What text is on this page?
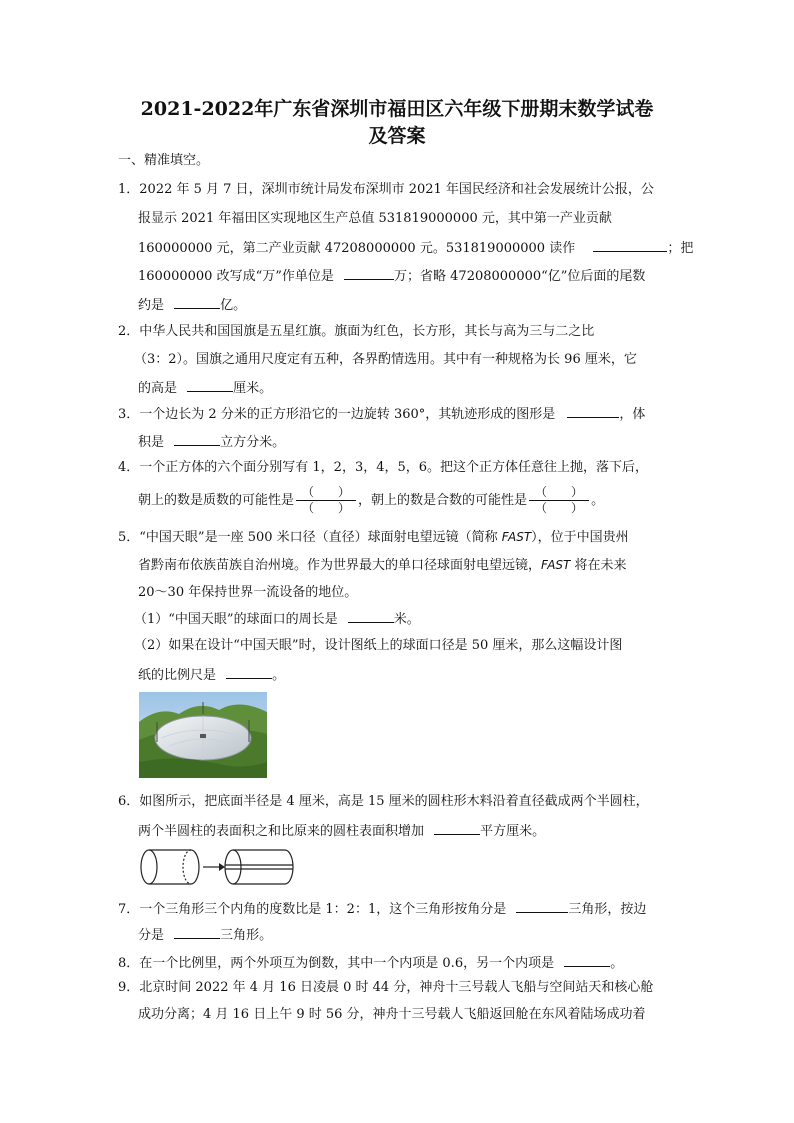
2021-2022年广东省深圳市福田区六年级下册期末数学试卷
及答案
一、精准填空。
1．2022 年 5 月 7 日，深圳市统计局发布深圳市 2021 年国民经济和社会发展统计公报，公
报显示 2021 年福田区实现地区生产总值 531819000000 元，其中第一产业贡献
160000000 元，第二产业贡献 47208000000 元。531819000000 读作	；把
160000000 改写成“万”作单位是	万；省略 47208000000“亿”位后面的尾数
约是	亿。
2．中华人民共和国国旗是五星红旗。旗面为红色，长方形，其长与高为三与二之比
（3：2）。国旗之通用尺度定有五种，各界酌情选用。其中有一种规格为长 96 厘米，它
的高是	厘米。
3．一个边长为 2 分米的正方形沿它的一边旋转 360°，其轨迹形成的图形是	，体
积是	立方分米。
4．一个正方体的六个面分别写有 1，2，3，4，5，6。把这个正方体任意往上抛，落下后，
朝上的数是质数的可能性是 $\frac{( )}{( )}$ ，朝上的数是合数的可能性是 $\frac{( )}{( )}$ 。
5．“中国天眼”是一座 500 米口径（直径）球面射电望远镜（简称 FAST），位于中国贵州
省黔南布依族苗族自治州境。作为世界最大的单口径球面射电望远镜，FAST 将在未来
20～30 年保持世界一流设备的地位。
（1）“中国天眼”的球面口的周长是	米。
（2）如果在设计“中国天眼”时，设计图纸上的球面口径是 50 厘米，那么这幅设计图
纸的比例尺是	。
6．如图所示，把底面半径是 4 厘米，高是 15 厘米的圆柱形木料沿着直径截成两个半圆柱，
两个半圆柱的表面积之和比原来的圆柱表面积增加	平方厘米。
7．一个三角形三个内角的度数比是 1：2：1，这个三角形按角分是	三角形，按边
分是	三角形。
8．在一个比例里，两个外项互为倒数，其中一个内项是 0.6，另一个内项是	。
9．北京时间 2022 年 4 月 16 日凌晨 0 时 44 分，神舟十三号载人飞船与空间站天和核心舱
成功分离；4 月 16 日上午 9 时 56 分，神舟十三号载人飞船返回舱在东风着陆场成功着
